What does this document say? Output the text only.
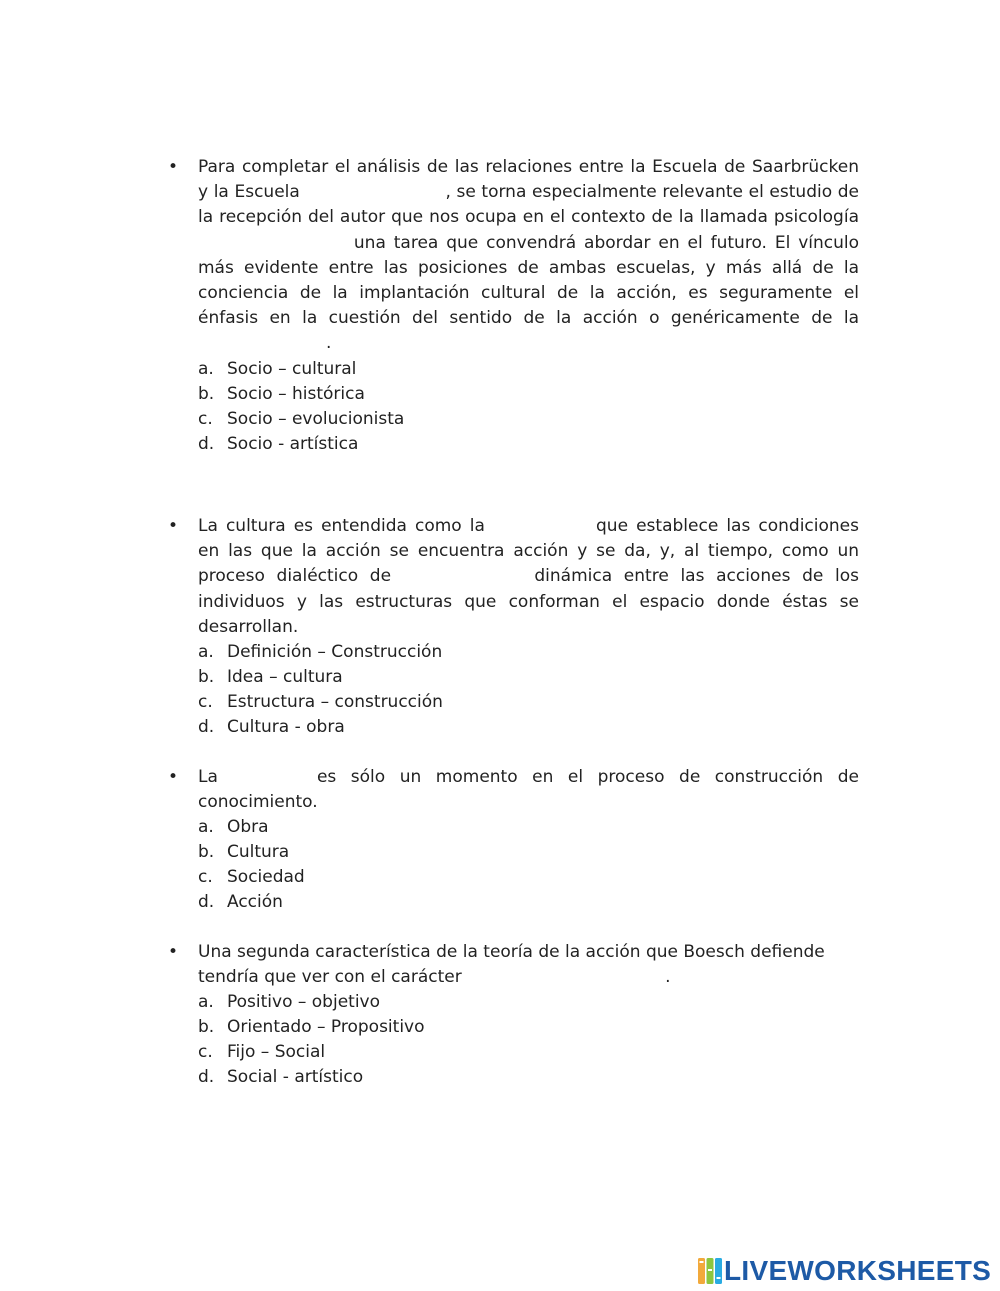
• Para completar el análisis de las relaciones entre la Escuela de Saarbrücken y la Escuela	, se torna especialmente relevante el estudio de la recepción del autor que nos ocupa en el contexto de la llamada psicología  una tarea que convendrá abordar en el futuro. El vínculo más evidente entre las posiciones de ambas escuelas, y más allá de la conciencia de la implantación cultural de la acción, es seguramente el énfasis en la cuestión del sentido de la acción o genéricamente de la .
a. Socio – cultural
b. Socio – histórica
c. Socio – evolucionista
d. Socio - artística
• La cultura es entendida como la	que establece las condiciones en las que la acción se encuentra acción y se da, y, al tiempo, como un proceso dialéctico de	dinámica entre las acciones de los individuos y las estructuras que conforman el espacio donde éstas se desarrollan.
a. Definición – Construcción
b. Idea – cultura
c. Estructura – construcción
d. Cultura - obra
• La	es sólo un momento en el proceso de construcción de conocimiento.
a. Obra
b. Cultura
c. Sociedad
d. Acción
• Una segunda característica de la teoría de la acción que Boesch defiende tendría que ver con el carácter	.
a. Positivo – objetivo
b. Orientado – Propositivo
c. Fijo – Social
d. Social - artístico
LIVEWORKSHEETS
